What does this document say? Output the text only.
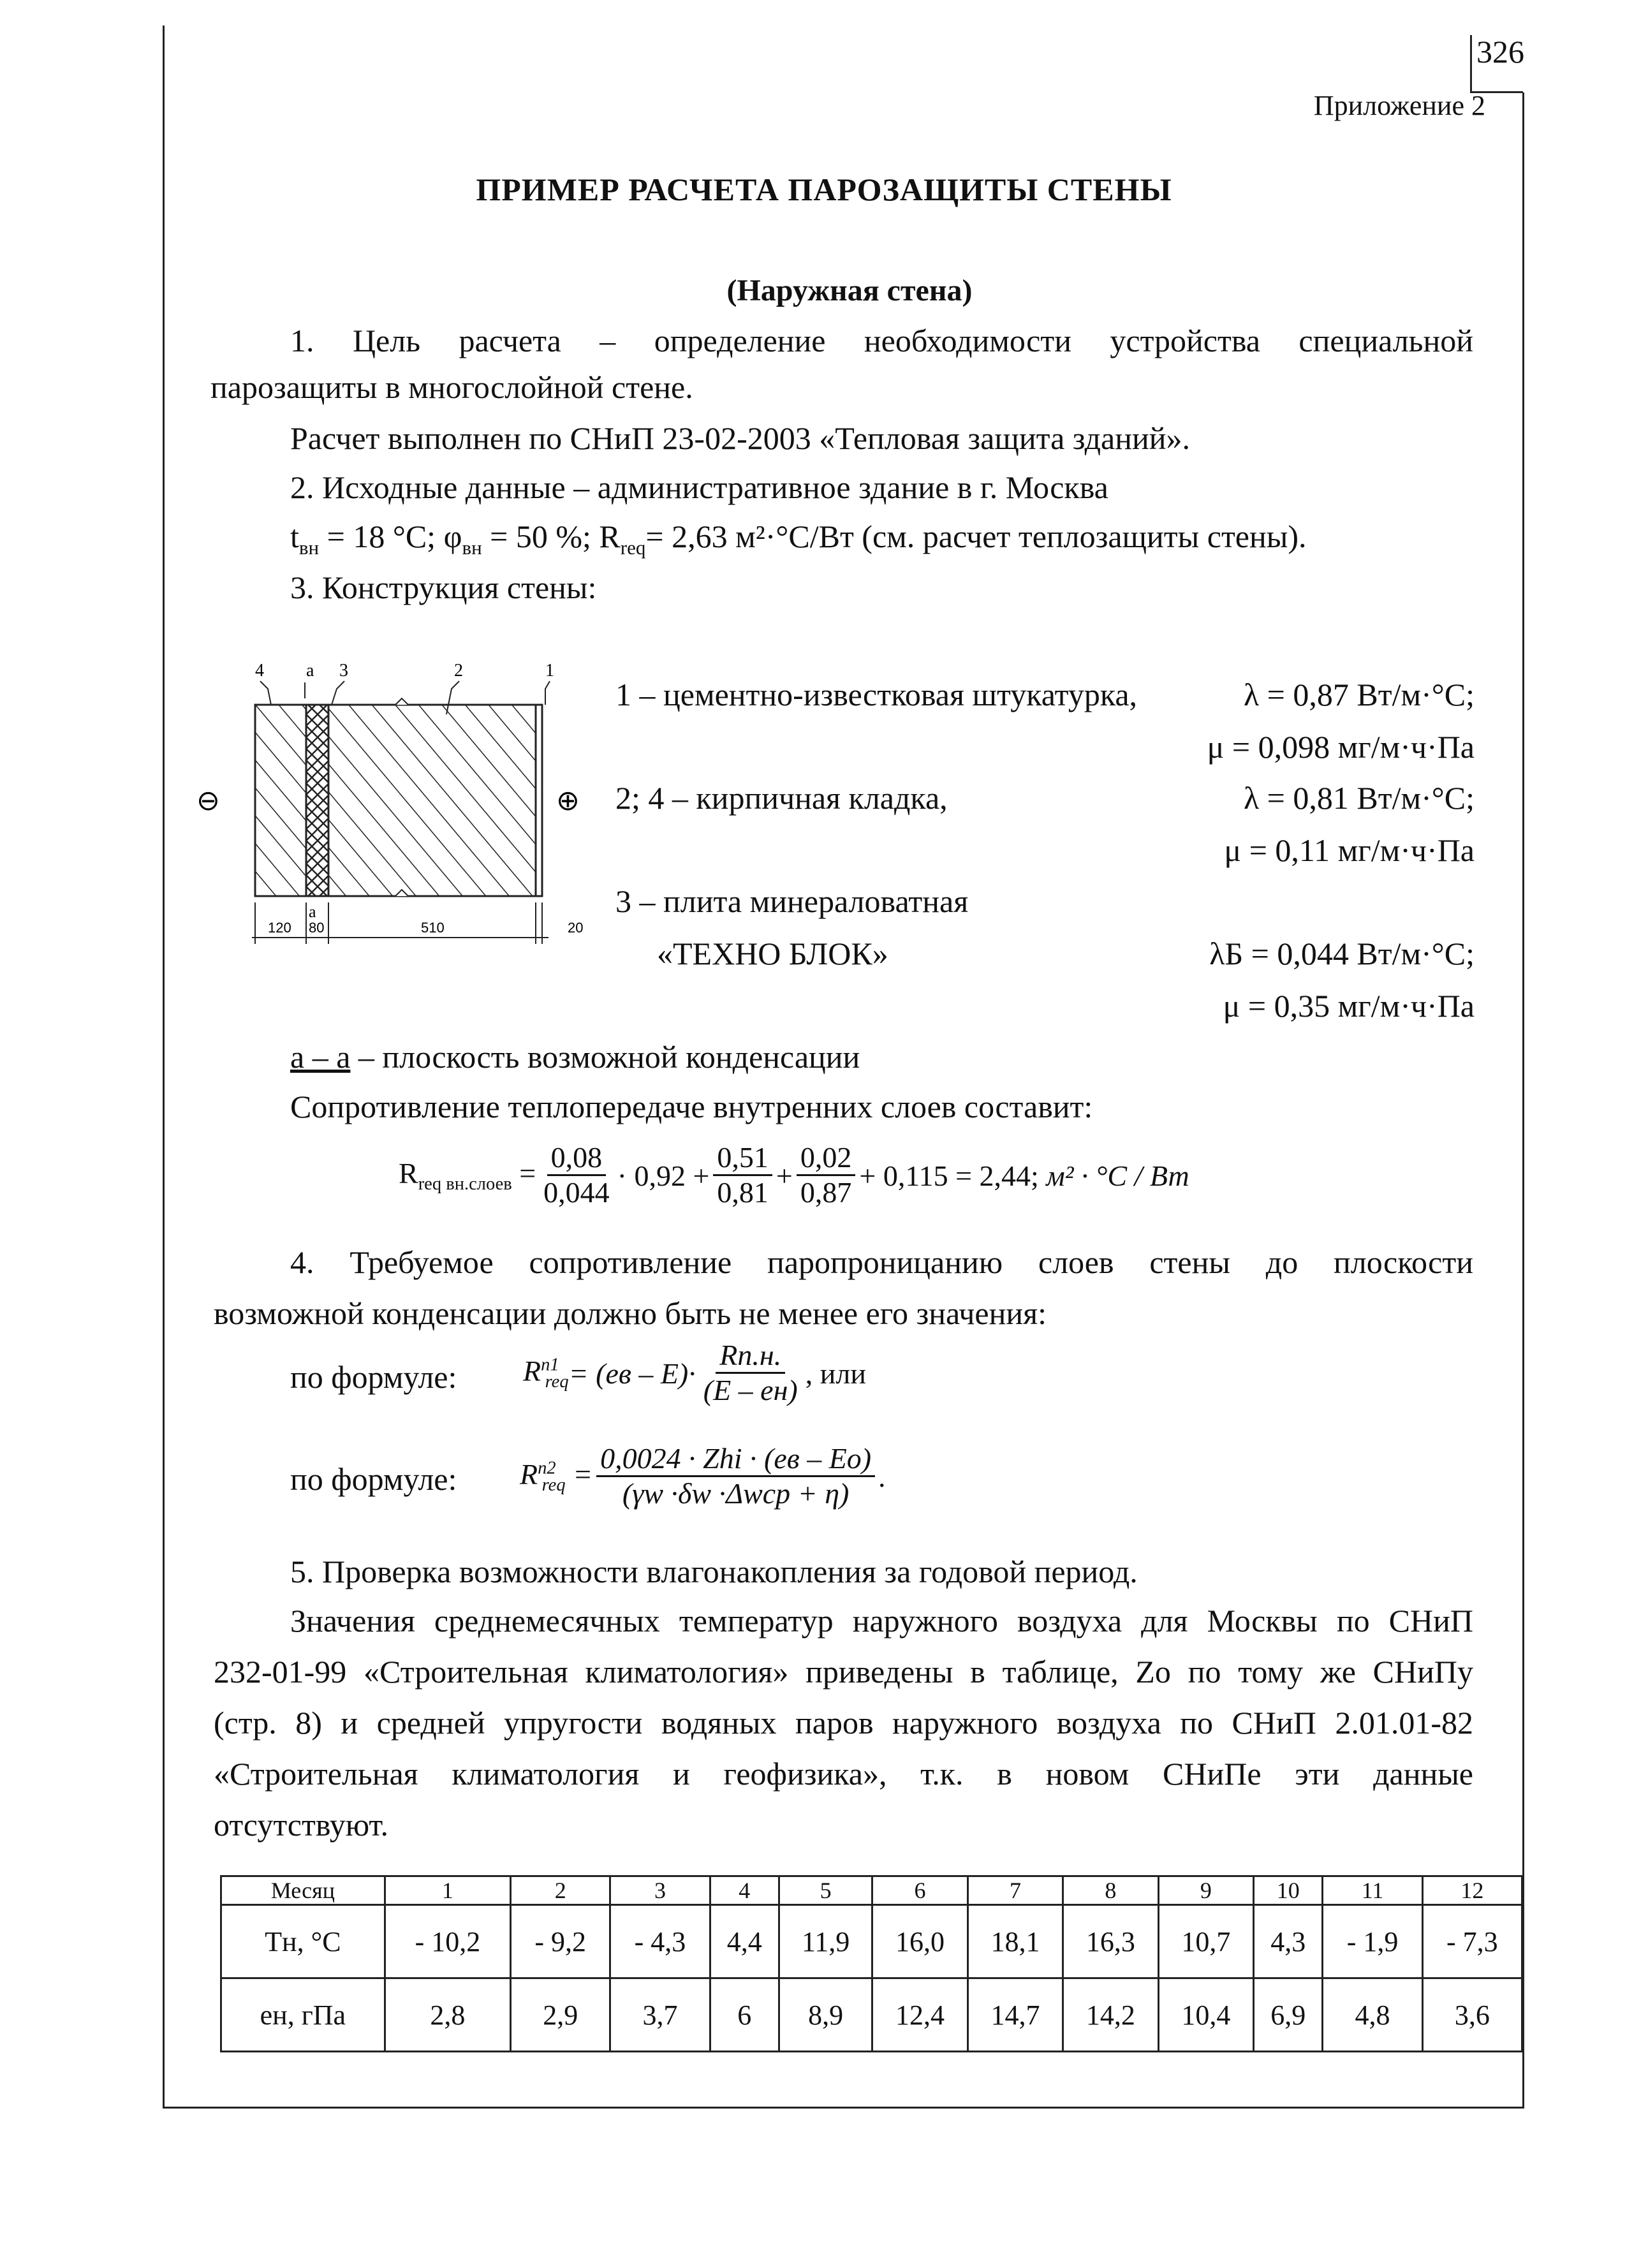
326
Приложение 2
ПРИМЕР РАСЧЕТА ПАРОЗАЩИТЫ СТЕНЫ
(Наружная стена)
1. Цель расчета – определение необходимости устройства специальной
парозащиты в многослойной стене.
Расчет выполнен по СНиП 23-02-2003 «Тепловая защита зданий».
2. Исходные данные – административное здание в г. Москва
$t_{вн} = 18$ °С; $\varphi_{вн} = 50$ %; $R_{req}= 2,63$ м²·°С/Вт (см. расчет теплозащиты стены).
3. Конструкция стены:
4 a 3	2	1
a
120 80	510	20
⊖	⊕
1 – цементно-известковая штукатурка,	λ = 0,87 Вт/м·°С;
μ = 0,098 мг/м·ч·Па
2; 4 – кирпичная кладка,	λ = 0,81 Вт/м·°С;
μ = 0,11 мг/м·ч·Па
3 – плита минераловатная
«ТЕХНО БЛОК»	λБ = 0,044 Вт/м·°С;
μ = 0,35 мг/м·ч·Па
а – а – плоскость возможной конденсации
Сопротивление теплопередаче внутренних слоев составит:
$R_{req вн.слоев} = \frac{0,08}{0,044} \cdot 0,92 + \frac{0,51}{0,81} + \frac{0,02}{0,87} + 0,115 = 2,44$;
м² · °С / Вт
4. Требуемое сопротивление паропроницанию слоев стены до плоскости
возможной конденсации должно быть не менее его значения:
по формуле: $R^{n1}_{req} = (eв - E)\cdot \frac{Rп.н.}{(E - eн)}$ , или
по формуле: $R^{n2}_{req} = \frac{\text{0,0024 · Zhi · (eв – Eo)}}{\text{(γw ·δw ·Δwср + η)}}$ .
5. Проверка возможности влагонакопления за годовой период.
Значения среднемесячных температур наружного воздуха для Москвы по СНиП
232-01-99 «Строительная климатология» приведены в таблице, Zо по тому же СНиПу
(стр. 8) и средней упругости водяных паров наружного воздуха по СНиП 2.01.01-82
«Строительная климатология и геофизика», т.к. в новом СНиПе эти данные
отсутствуют.
Месяц	1	2	3	4	5	6	7	8	9	10	11	12
Tн, °С	- 10,2	- 9,2	- 4,3	4,4	11,9	16,0	18,1	16,3	10,7	4,3	- 1,9	- 7,3
eн, гПа	2,8	2,9	3,7	6	8,9	12,4	14,7	14,2	10,4	6,9	4,8	3,6
